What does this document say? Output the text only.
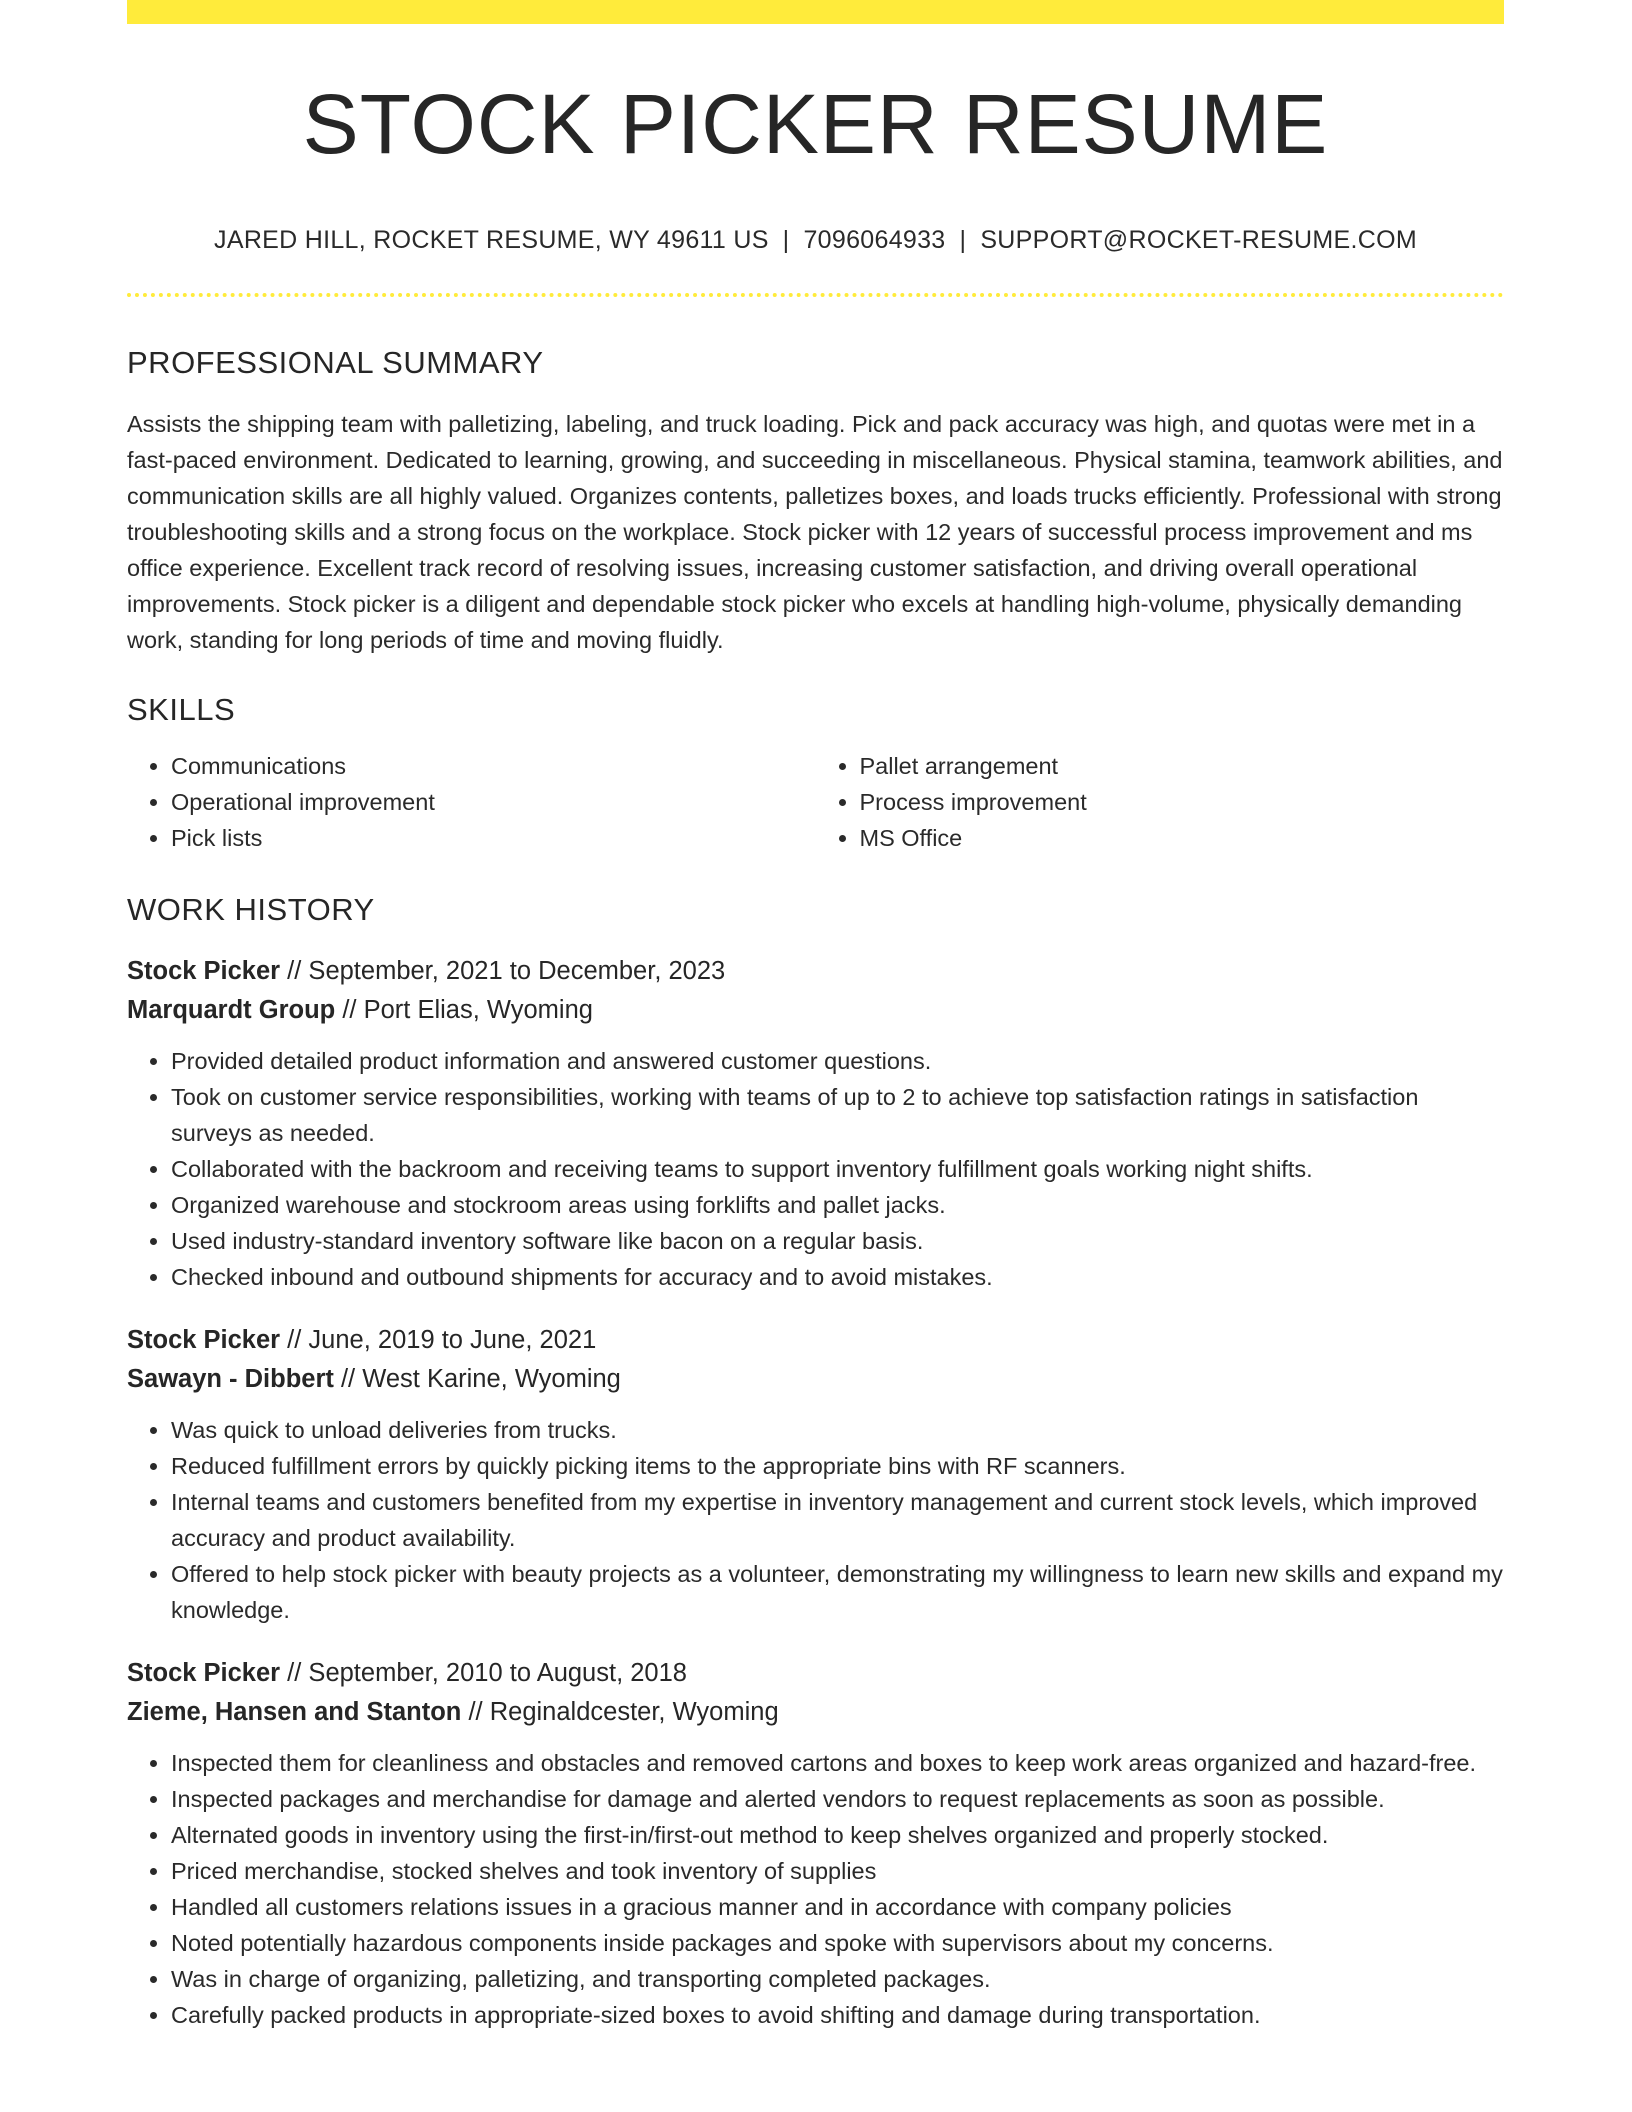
STOCK PICKER RESUME
JARED HILL, ROCKET RESUME, WY 49611 US | 7096064933 | SUPPORT@ROCKET-RESUME.COM
PROFESSIONAL SUMMARY

Assists the shipping team with palletizing, labeling, and truck loading. Pick and pack accuracy was high, and quotas were met in a fast-paced environment. Dedicated to learning, growing, and succeeding in miscellaneous. Physical stamina, teamwork abilities, and communication skills are all highly valued. Organizes contents, palletizes boxes, and loads trucks efficiently. Professional with strong troubleshooting skills and a strong focus on the workplace. Stock picker with 12 years of successful process improvement and ms office experience. Excellent track record of resolving issues, increasing customer satisfaction, and driving overall operational improvements. Stock picker is a diligent and dependable stock picker who excels at handling high-volume, physically demanding work, standing for long periods of time and moving fluidly.

SKILLS
• Communications
• Operational improvement
• Pick lists
• Pallet arrangement
• Process improvement
• MS Office
WORK HISTORY
Stock Picker // September, 2021 to December, 2023
Marquardt Group // Port Elias, Wyoming
• Provided detailed product information and answered customer questions.
• Took on customer service responsibilities, working with teams of up to 2 to achieve top satisfaction ratings in satisfaction surveys as needed.
• Collaborated with the backroom and receiving teams to support inventory fulfillment goals working night shifts.
• Organized warehouse and stockroom areas using forklifts and pallet jacks.
• Used industry-standard inventory software like bacon on a regular basis.
• Checked inbound and outbound shipments for accuracy and to avoid mistakes.
Stock Picker // June, 2019 to June, 2021
Sawayn - Dibbert // West Karine, Wyoming
• Was quick to unload deliveries from trucks.
• Reduced fulfillment errors by quickly picking items to the appropriate bins with RF scanners.
• Internal teams and customers benefited from my expertise in inventory management and current stock levels, which improved accuracy and product availability.
• Offered to help stock picker with beauty projects as a volunteer, demonstrating my willingness to learn new skills and expand my knowledge.
Stock Picker // September, 2010 to August, 2018
Zieme, Hansen and Stanton // Reginaldcester, Wyoming
• Inspected them for cleanliness and obstacles and removed cartons and boxes to keep work areas organized and hazard-free.
• Inspected packages and merchandise for damage and alerted vendors to request replacements as soon as possible.
• Alternated goods in inventory using the first-in/first-out method to keep shelves organized and properly stocked.
• Priced merchandise, stocked shelves and took inventory of supplies
• Handled all customers relations issues in a gracious manner and in accordance with company policies
• Noted potentially hazardous components inside packages and spoke with supervisors about my concerns.
• Was in charge of organizing, palletizing, and transporting completed packages.
• Carefully packed products in appropriate-sized boxes to avoid shifting and damage during transportation.
